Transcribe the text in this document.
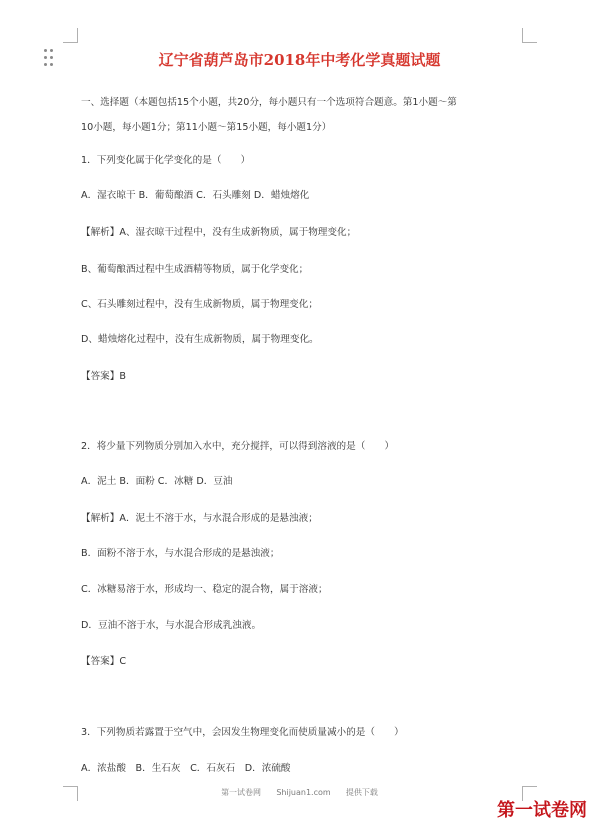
辽宁省葫芦岛市2018年中考化学真题试题
一、选择题（本题包括15个小题，共20分，每小题只有一个选项符合题意。第1小题～第
10小题，每小题1分；第11小题～第15小题，每小题1分）
1．下列变化属于化学变化的是（　　）
A．湿衣晾干 B．葡萄酿酒 C．石头雕刻 D．蜡烛熔化
【解析】A、湿衣晾干过程中，没有生成新物质，属于物理变化；
B、葡萄酿酒过程中生成酒精等物质，属于化学变化；
C、石头雕刻过程中，没有生成新物质，属于物理变化；
D、蜡烛熔化过程中，没有生成新物质，属于物理变化。
【答案】B
2．将少量下列物质分别加入水中，充分搅拌，可以得到溶液的是（　　）
A．泥土 B．面粉 C．冰糖 D．豆油
【解析】A．泥土不溶于水，与水混合形成的是悬浊液；
B．面粉不溶于水，与水混合形成的是悬浊液；
C．冰糖易溶于水，形成均一、稳定的混合物，属于溶液；
D．豆油不溶于水，与水混合形成乳浊液。
【答案】C
3．下列物质若露置于空气中，会因发生物理变化而使质量减小的是（　　）
A．浓盐酸　B．生石灰　C．石灰石　D．浓硫酸
第一试卷网      Shijuan1.com      提供下载
第一试卷网
